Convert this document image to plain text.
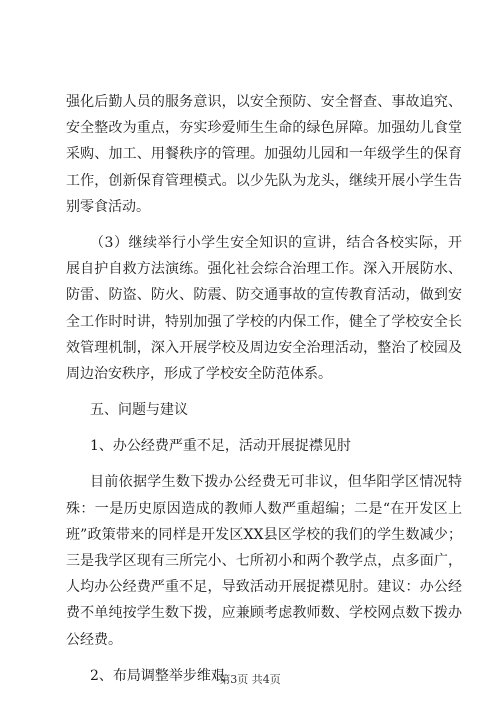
强化后勤人员的服务意识，以安全预防、安全督查、事故追究、
安全整改为重点，夯实珍爱师生生命的绿色屏障。加强幼儿食堂
采购、加工、用餐秩序的管理。加强幼儿园和一年级学生的保育
工作，创新保育管理模式。以少先队为龙头，继续开展小学生告
别零食活动。
（3）继续举行小学生安全知识的宣讲，结合各校实际，开
展自护自救方法演练。强化社会综合治理工作。深入开展防水、
防雷、防盗、防火、防震、防交通事故的宣传教育活动，做到安
全工作时时讲，特别加强了学校的内保工作，健全了学校安全长
效管理机制，深入开展学校及周边安全治理活动，整治了校园及
周边治安秩序，形成了学校安全防范体系。
五、问题与建议
1、办公经费严重不足，活动开展捉襟见肘
目前依据学生数下拨办公经费无可非议，但华阳学区情况特
殊：一是历史原因造成的教师人数严重超编；二是“在开发区上
班”政策带来的同样是开发区XX县区学校的我们的学生数减少；
三是我学区现有三所完小、七所初小和两个教学点，点多面广，
人均办公经费严重不足，导致活动开展捉襟见肘。建议：办公经
费不单纯按学生数下拨，应兼顾考虑教师数、学校网点数下拨办
公经费。
2、布局调整举步维艰
第3页 共4页
